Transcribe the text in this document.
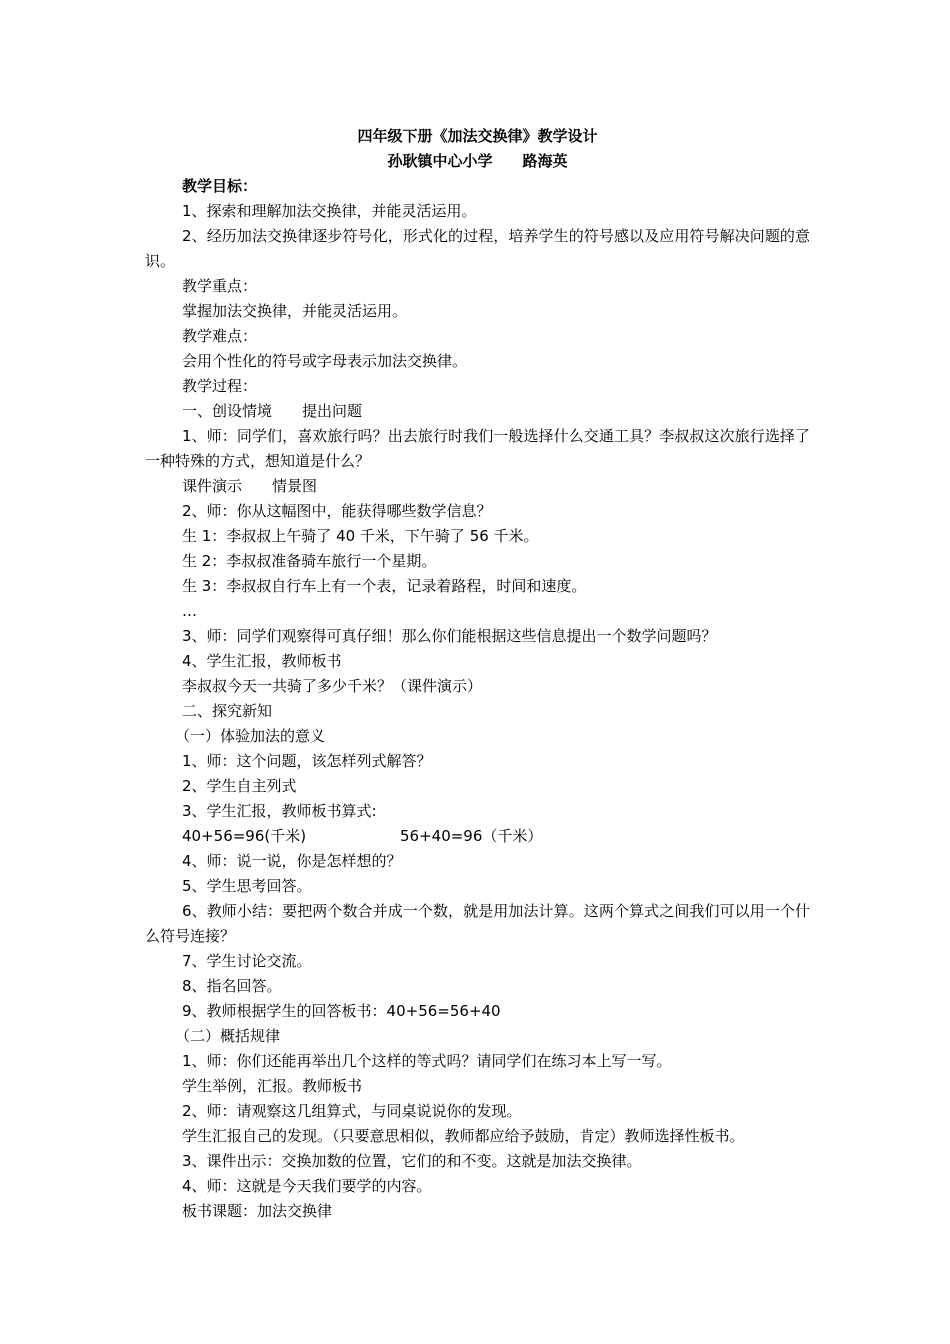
四年级下册《加法交换律》教学设计
孙耿镇中心小学　　路海英
教学目标：
1、探索和理解加法交换律，并能灵活运用。
2、经历加法交换律逐步符号化，形式化的过程，培养学生的符号感以及应用符号解决问题的意识。
教学重点：
掌握加法交换律，并能灵活运用。
教学难点：
会用个性化的符号或字母表示加法交换律。
教学过程：
一、创设情境　　提出问题
1、师：同学们，喜欢旅行吗？出去旅行时我们一般选择什么交通工具？李叔叔这次旅行选择了一种特殊的方式，想知道是什么？
课件演示　　情景图
2、师：你从这幅图中，能获得哪些数学信息？
生 1：李叔叔上午骑了 40 千米，下午骑了 56 千米。
生 2：李叔叔准备骑车旅行一个星期。
生 3：李叔叔自行车上有一个表，记录着路程，时间和速度。
…
3、师：同学们观察得可真仔细！那么你们能根据这些信息提出一个数学问题吗？
4、学生汇报，教师板书
李叔叔今天一共骑了多少千米？（课件演示）
二、探究新知
（一）体验加法的意义
1、师：这个问题，该怎样列式解答？
2、学生自主列式
3、学生汇报，教师板书算式:
40+56=96(千米)	56+40=96（千米）
4、师：说一说，你是怎样想的？
5、学生思考回答。
6、教师小结：要把两个数合并成一个数，就是用加法计算。这两个算式之间我们可以用一个什么符号连接？
7、学生讨论交流。
8、指名回答。
9、教师根据学生的回答板书：40+56=56+40
（二）概括规律
1、师：你们还能再举出几个这样的等式吗？请同学们在练习本上写一写。
学生举例，汇报。教师板书
2、师：请观察这几组算式，与同桌说说你的发现。
学生汇报自己的发现。（只要意思相似，教师都应给予鼓励，肯定）教师选择性板书。
3、课件出示：交换加数的位置，它们的和不变。这就是加法交换律。
4、师：这就是今天我们要学的内容。
板书课题：加法交换律
